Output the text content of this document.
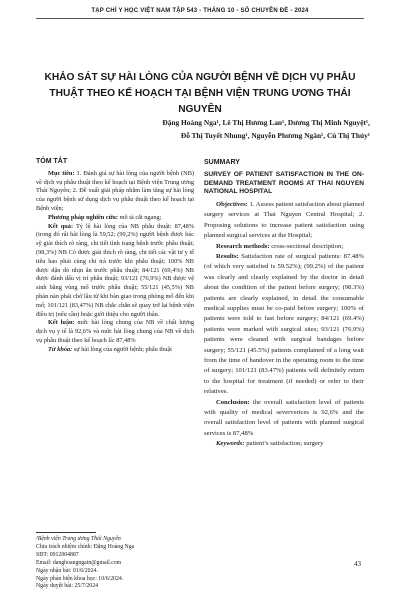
TẠP CHÍ Y HỌC VIỆT NAM TẬP 543 - THÁNG 10 - SỐ CHUYÊN ĐỀ - 2024
KHẢO SÁT SỰ HÀI LÒNG CỦA NGƯỜI BỆNH VỀ DỊCH VỤ PHẪU THUẬT THEO KẾ HOẠCH TẠI BỆNH VIỆN TRUNG ƯƠNG THÁI NGUYÊN
Đặng Hoàng Nga¹, Lê Thị Hương Lan¹, Dương Thị Minh Nguyệt¹,
Đỗ Thị Tuyết Nhung¹, Nguyễn Phương Ngân¹, Cù Thị Thủy¹
TÓM TẮT

Mục tiêu: 1. Đánh giá sự hài lòng của người bệnh (NB) về dịch vụ phẫu thuật theo kế hoạch tại Bệnh viện Trung ương Thái Nguyên; 2. Đề xuất giải pháp nhằm làm tăng sự hài lòng của người bệnh sử dụng dịch vụ phẫu thuật theo kế hoạch tại Bệnh viện;

Phương pháp nghiên cứu: mô tả cắt ngang;

Kết quả: Tỷ lệ hài lòng của NB phẫu thuật: 87,48% (trong đó rất hài lòng là 59,52; (99,2%) người bệnh được bác sỹ giải thích rõ ràng, chi tiết tình trạng bệnh trước phẫu thuật; (98,3%) NB Cỏ được giải thích rõ ràng, chi tiết các vật tư y tế tiêu hao phải cùng chi trả trước khi phẫu thuật; 100% NB được dặn dò nhịn ăn trước phẫu thuật; 84/121 (69,4%) NB được đánh dấu vị trí phẫu thuật; 93/121 (76,9%) NB được vệ sinh băng vùng mổ trước phẫu thuật; 55/121 (45,5%) NB phàn nàn phải chờ lâu từ khi bàn giao trong phòng mổ đến khi mổ; 101/121 (83,47%) NB chắc chắn sẽ quay trở lại bệnh viện điều trị (nếu cần) hoặc giới thiệu cho người thân.

Kết luận: mức hài lòng chung của NB về chất lượng dịch vụ y tế là 92,6% và mức hài lòng chung của NB về dịch vụ phẫu thuật theo kế hoạch là: 87,48%

Từ khóa: sự hài lòng của người bệnh; phẫu thuật

SUMMARY
SURVEY OF PATIENT SATISFACTION IN THE ON-DEMAND TREATMENT ROOMS AT THAI NGUYEN NATIONAL HOSPITAL

Objectives: 1. Assess patient satisfaction about planned surgery services at Thai Nguyen Central Hospital; 2. Proposing solutions to increase patient satisfaction using planned surgical services at the Hospital;

Research methods: cross-sectional description;

Results: Satisfaction rate of surgical patients: 87.48% (of which very satisfied is 59.52%); (99.2%) of the patient was clearly and clearly explained by the doctor in detail about the condition of the patient before surgery; (98.3%) patients are clearly explained, in detail the consumable medical supplies must be co-paid before surgery; 100% of patients were told to fast before surgery; 84/121 (69.4%) patients were marked with surgical sites; 93/121 (76.9%) patients were cleaned with surgical bandages before surgery; 55/121 (45.5%) patients complained of a long wait from the time of handover in the operating room to the time of surgery; 101/121 (83.47%) patients will definitely return to the hospital for treatment (if needed) or refer to their relatives.

Conclusion: the overall satisfaction level of patients with quality of medical seververices is 92,6% and the overall satisfaction level of patients with planned surgical services is 87,48%

Keywords: patient’s satisfaction; surgery

¹Bệnh viện Trung ương Thái Nguyên
Chịu trách nhiệm chính: Đặng Hoàng Nga
SĐT: 0912004887
Email: danghoangngatn@gmail.com
Ngày nhận bài: 01/6/2024.
Ngày phản biện khoa học: 10/6/2024.
Ngày duyệt bài: 25/7/2024
43
